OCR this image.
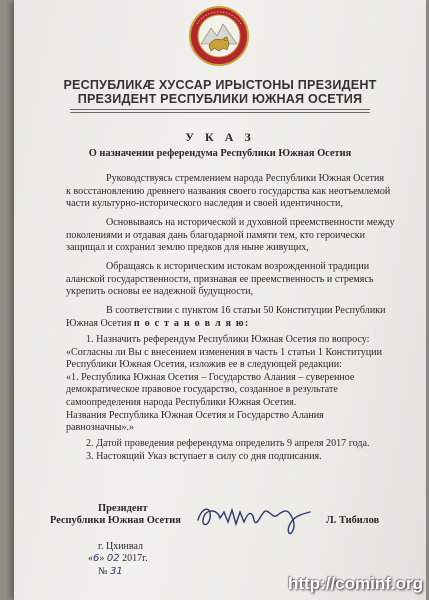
РЕСПУБЛИКӔ ХУССАР ИРЫСТОНЫ ПРЕЗИДЕНТ
ПРЕЗИДЕНТ РЕСПУБЛИКИ ЮЖНАЯ ОСЕТИЯ
У К А З
О назначении референдума Республики Южная Осетия
Руководствуясь стремлением народа Республики Южная Осетия
к восстановлению древнего названия своего государства как неотъемлемой
части культурно-исторического наследия и своей идентичности,
Основываясь на исторической и духовной преемственности между
поколениями и отдавая дань благодарной памяти тем, кто героически
защищал и сохранил землю предков для ныне живущих,
Обращаясь к историческим истокам возрожденной традиции
аланской государственности, признавая ее преемственность и стремясь
укрепить основы ее надежной будущности,
В соответствии с пунктом 16 статьи 50 Конституции Республики
Южная Осетия п о с т а н о в л я ю:
1. Назначить референдум Республики Южная Осетия по вопросу:
«Согласны ли Вы с внесением изменения в часть 1 статьи 1 Конституции
Республики Южная Осетия, изложив ее в следующей редакции:
«1. Республика Южная Осетия – Государство Алания – суверенное
демократическое правовое государство, созданное в результате
самоопределения народа Республики Южная Осетия.
Названия Республика Южная Осетия и Государство Алания
равнозначны».»
2. Датой проведения референдума определить 9 апреля 2017 года.
3. Настоящий Указ вступает в силу со дня подписания.
Президент
Республики Южная Осетия	Л. Тибилов
г. Цхинвал
«6» 02 2017г.
№ 31
http://cominf.org
